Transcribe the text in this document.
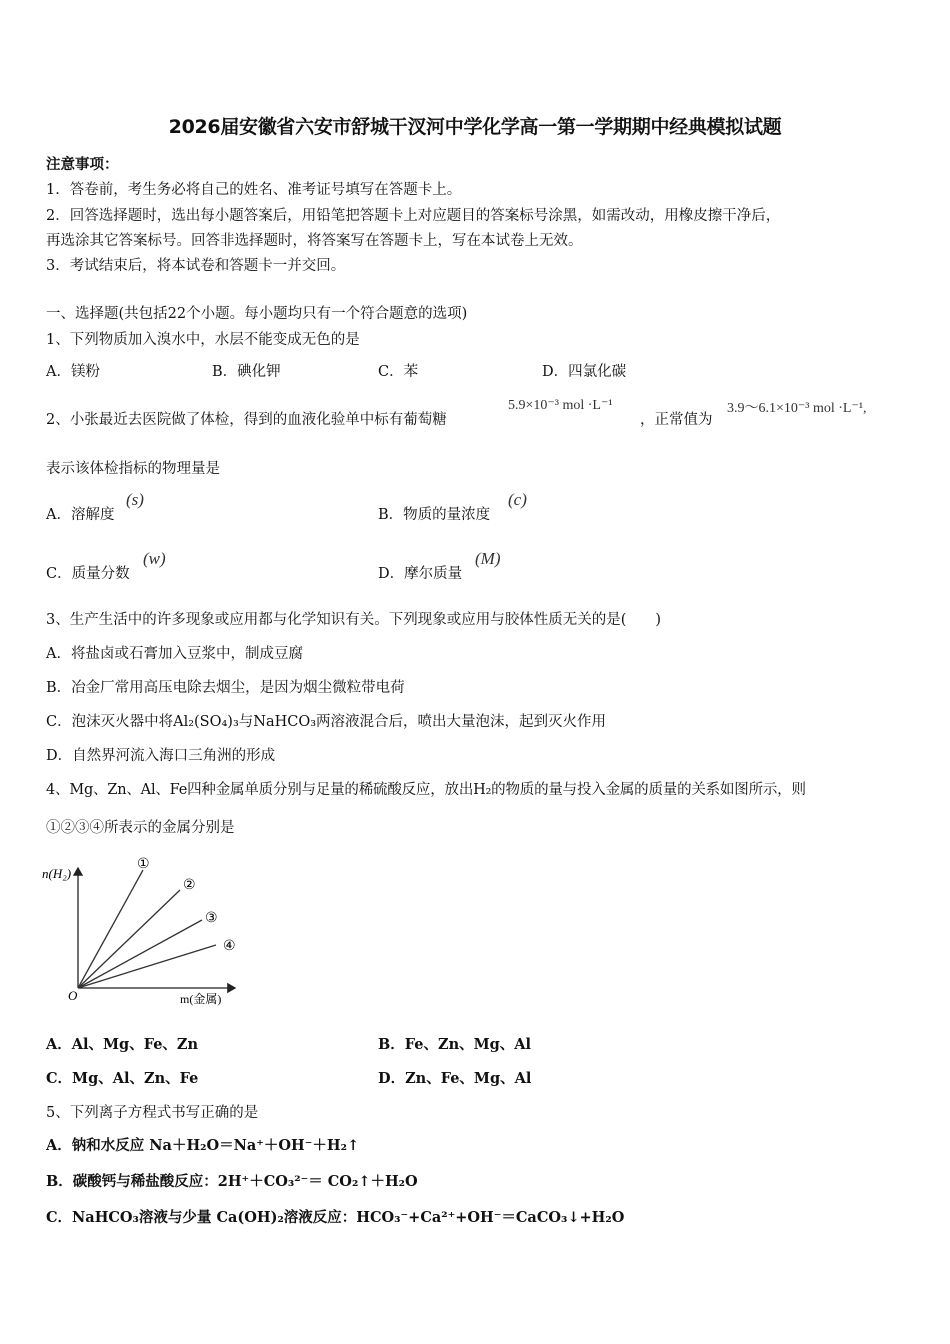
2026届安徽省六安市舒城干汊河中学化学高一第一学期期中经典模拟试题
注意事项：
1．答卷前，考生务必将自己的姓名、准考证号填写在答题卡上。
2．回答选择题时，选出每小题答案后，用铅笔把答题卡上对应题目的答案标号涂黑，如需改动，用橡皮擦干净后，
再选涂其它答案标号。回答非选择题时，将答案写在答题卡上，写在本试卷上无效。
3．考试结束后，将本试卷和答题卡一并交回。
一、选择题(共包括22个小题。每小题均只有一个符合题意的选项)
1、下列物质加入溴水中，水层不能变成无色的是
A．镁粉	B．碘化钾	C．苯	D．四氯化碳
2、小张最近去医院做了体检，得到的血液化验单中标有葡萄糖
5.9×10⁻³ mol ·L⁻¹
，正常值为
3.9～6.1×10⁻³ mol ·L⁻¹,
表示该体检指标的物理量是
A．溶解度
(s)
B．物质的量浓度
(c)
C．质量分数
(w)
D．摩尔质量
(M)
3、生产生活中的许多现象或应用都与化学知识有关。下列现象或应用与胶体性质无关的是(　　)
A．将盐卤或石膏加入豆浆中，制成豆腐
B．冶金厂常用高压电除去烟尘，是因为烟尘微粒带电荷
C．泡沫灭火器中将Al₂(SO₄)₃与NaHCO₃两溶液混合后，喷出大量泡沫，起到灭火作用
D．自然界河流入海口三角洲的形成
4、Mg、Zn、Al、Fe四种金属单质分别与足量的稀硫酸反应，放出H₂的物质的量与投入金属的质量的关系如图所示，则
①②③④所表示的金属分别是
n(H₂)
m(金属)
O
①
②
③
④
A．Al、Mg、Fe、Zn	B．Fe、Zn、Mg、Al
C．Mg、Al、Zn、Fe	D．Zn、Fe、Mg、Al
5、下列离子方程式书写正确的是
A．钠和水反应 Na＋H₂O＝Na⁺＋OH⁻＋H₂↑
B．碳酸钙与稀盐酸反应：2H⁺＋CO₃²⁻＝ CO₂↑＋H₂O
C．NaHCO₃溶液与少量 Ca(OH)₂溶液反应：HCO₃⁻+Ca²⁺+OH⁻＝CaCO₃↓+H₂O
